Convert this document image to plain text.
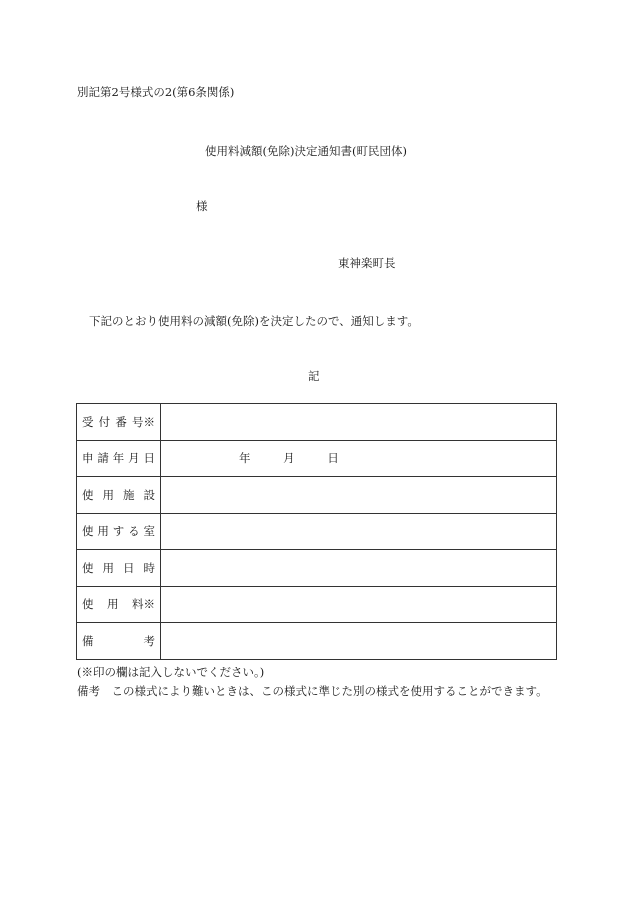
別記第2号様式の2(第6条関係)
使用料減額(免除)決定通知書(町民団体)
様
東神楽町長
下記のとおり使用料の減額(免除)を決定したので、通知します。
記
受 付 番 号※	

申 請 年 月 日	年 月 日

使 用 施 設	

使 用 す る 室	

使 用 日 時	

使 用 料※	

備 考	

(※印の欄は記入しないでください。)
備考　この様式により難いときは、この様式に準じた別の様式を使用することができます。
